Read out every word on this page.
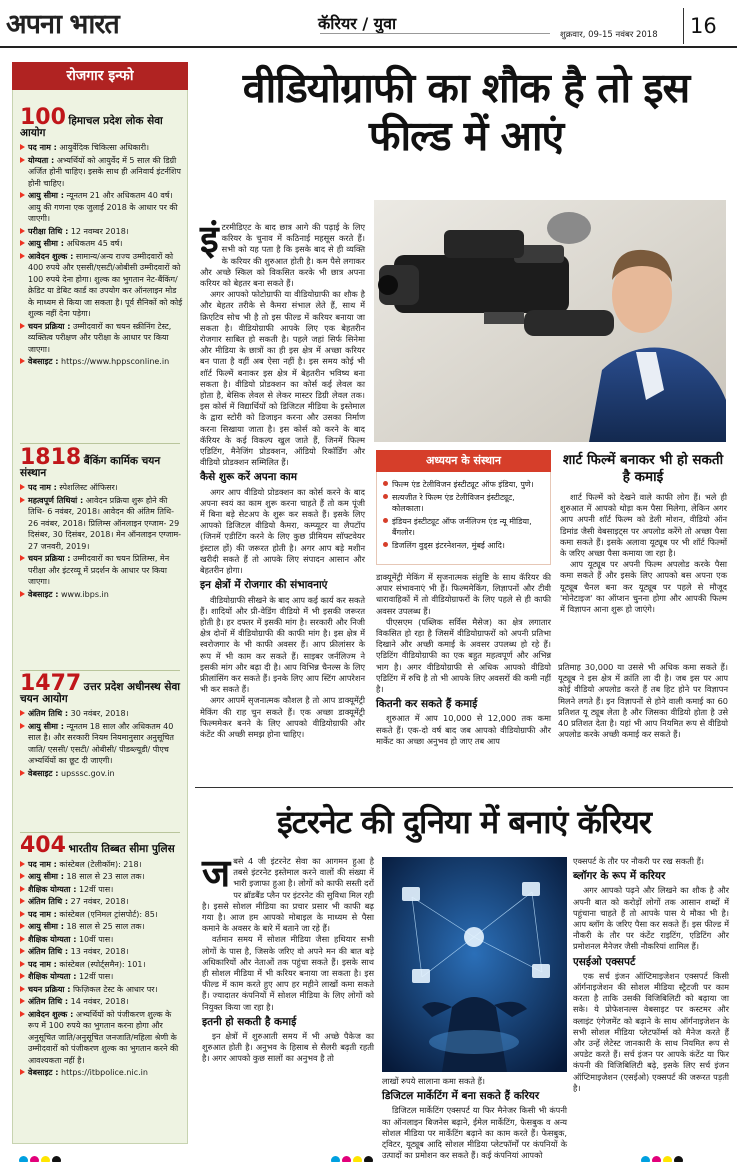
अपना भारत	कॅरियर / युवा
शुक्रवार, 09-15 नवंबर 2018 16
रोजगार इन्फो
100 हिमाचल प्रदेश लोक सेवा आयोग
पद नाम : आयुर्वेदिक चिकित्सा अधिकारी।
योग्यता : अभ्यर्थियों को आयुर्वेद में 5 साल की डिग्री अर्जित होनी चाहिए। इसके साथ ही अनिवार्य इंटर्नशिप होनी चाहिए।
आयु सीमा : न्यूनतम 21 और अधिकतम 40 वर्ष। आयु की गणना एक जुलाई 2018 के आधार पर की जाएगी।
परीक्षा तिथि : 12 नवम्बर 2018।
आयु सीमा : अधिकतम 45 वर्ष।
आवेदन शुल्क : सामान्य/अन्य राज्य उम्मीदवारों को 400 रुपये और एससी/एसटी/ओबीसी उम्मीदवारों को 100 रुपये देना होगा। शुल्क का भुगतान नेट-बैंकिंग/क्रेडिट या डेबिट कार्ड का उपयोग कर ऑनलाइन मोड के माध्यम से किया जा सकता है। पूर्व सैनिकों को कोई शुल्क नहीं देना पड़ेगा।
चयन प्रक्रिया : उम्मीदवारों का चयन स्क्रीनिंग टेस्ट, व्यक्तित्व परीक्षण और परीक्षा के आधार पर किया जाएगा।
वेबसाइट : https://www.hppsconline.in
1818 बैंकिंग कार्मिक चयन संस्थान
पद नाम : स्पेशलिस्ट ऑफिसर।
महत्वपूर्ण तिथियां : आवेदन प्रक्रिया शुरू होने की तिथि- 6 नवंबर, 2018। आवेदन की अंतिम तिथि- 26 नवंबर, 2018। प्रिलिम्स ऑनलाइन एग्जाम- 29 दिसंबर, 30 दिसंबर, 2018। मेन ऑनलाइन एग्जाम- 27 जनवरी, 2019।
चयन प्रक्रिया : उम्मीदवारों का चयन प्रिलिम्स, मेन परीक्षा और इंटरव्यू में प्रदर्शन के आधार पर किया जाएगा।
वेबसाइट : www.ibps.in
1477 उत्तर प्रदेश अधीनस्थ सेवा चयन आयोग
अंतिम तिथि : 30 नवंबर, 2018।
आयु सीमा : न्यूनतम 18 साल और अधिकतम 40 साल है। और सरकारी नियम नियमानुसार अनुसूचित जाति/ एससी/ एसटी/ ओबीसी/ पीडब्ल्यूडी/ पीएच अभ्यर्थियों का छूट दी जाएगी।
वेबसाइट : upsssc.gov.in
404 भारतीय तिब्बत सीमा पुलिस
पद नाम : कांस्टेबल (टेलीकॉम): 218।
आयु सीमा : 18 साल से 23 साल तक।
शैक्षिक योग्यता : 12वीं पास।
अंतिम तिथि : 27 नवंबर, 2018।
पद नाम : कांस्टेबल (एनिमल ट्रांसपोर्ट): 85।
आयु सीमा : 18 साल से 25 साल तक।
शैक्षिक योग्यता : 10वीं पास।
अंतिम तिथि : 13 नवंबर, 2018।
पद नाम : कांस्टेबल (स्पोर्ट्समैन): 101।
शैक्षिक योग्यता : 12वीं पास।
चयन प्रक्रिया : फिज़िकल टेस्ट के आधार पर।
अंतिम तिथि : 14 नवंबर, 2018।
आवेदन शुल्क : अभ्यर्थियों को पंजीकरण शुल्क के रूप में 100 रुपये का भुगतान करना होगा और अनुसूचित जाति/अनुसूचित जनजाति/महिला श्रेणी के उम्मीदवारों को पंजीकरण शुल्क का भुगतान करने की आवश्यकता नहीं है।
वेबसाइट : https://itbpolice.nic.in
वीडियोग्राफी का शौक है तो इस फील्ड में आएं
इं टरमीडिएट के बाद छात्र आगे की पढ़ाई के लिए करियर के चुनाव में कठिनाई महसूस करते हैं। सभी को यह पता है कि इसके बाद से ही व्यक्ति के करियर की शुरुआत होती है। कम पैसे लगाकर और अच्छे स्किल को विकसित करके भी छात्र अपना करियर को बेहतर बना सकते हैं।

अगर आपको फोटोग्राफी या वीडियोग्राफी का शौक है और बेहतर तरीके से कैमरा संभाल लेते हैं, साथ में क्रिएटिव सोच भी है तो इस फील्ड में करियर बनाया जा सकता है। वीडियोग्राफी आपके लिए एक बेहतरीन रोजगार साबित हो सकती है। पहले जहां सिर्फ सिनेमा और मीडिया के छात्रों का ही इस क्षेत्र में अच्छा करियर बन पाता है वहीं अब ऐसा नहीं है। इस समय कोई भी शॉर्ट फिल्में बनाकर इस क्षेत्र में बेहतरीन भविष्य बना सकता है। वीडियो प्रोडक्शन का कोर्स कई लेवल का होता है, बेसिक लेवल से लेकर मास्टर डिग्री लेवल तक। इस कोर्स में विद्यार्थियों को डिजिटल मीडिया के इस्तेमाल के द्वारा स्टोरी को डिजाइन करना और उसका निर्माण करना सिखाया जाता है। इस कोर्स को करने के बाद कॅरियर के कई विकल्प खुल जाते हैं, जिनमें फिल्म एडिटिंग, मैनेजिंग प्रोडक्शन, ऑडियो रिकॉर्डिंग और वीडियो प्रोडक्शन सम्मिलित हैं।

कैसे शुरू करें अपना काम

अगर आप वीडियो प्रोडक्शन का कोर्स करने के बाद अपना स्वयं का काम शुरू करना चाहते हैं तो कम पूंजी में बिना बड़े सेटअप के शुरू कर सकते हैं। इसके लिए आपको डिजिटल वीडियो कैमरा, कम्प्यूटर या लैपटॉप (जिनमें एडीटिंग करने के लिए कुछ प्रीमियम सॉफ्टवेयर इंस्टाल हों) की जरूरत होती है। अगर आप बड़े मशीन खरीदी सकते हैं तो आपके लिए संपादन आसान और बेहतरीन होगा।

इन क्षेत्रों में रोजगार की संभावनाएं

वीडियोग्राफी सीखने के बाद आप कई कार्य कर सकते हैं। शादियों और प्री-वेडिंग वीडियो में भी इसकी जरूरत होती है। हर दफ्तर में इसकी मांग है। सरकारी और निजी क्षेत्र दोनों में वीडियोग्राफी की काफी मांग है। इस क्षेत्र में स्वरोजगार के भी काफी अवसर हैं। आप फ्रीलांसर के रूप में भी काम कर सकते हैं। साइबर जर्नलिज्म ने इसकी मांग और बढ़ा दी है। आप विभिन्न चैनल्स के लिए फ्रीलांसिंग कर सकते हैं। इनके लिए आप स्टिंग आपरेशन भी कर सकते हैं।

अगर आपमें सृजनात्मक कौशल है तो आप डाक्यूमेंट्री मेकिंग की राह चुन सकते हैं। एक अच्छा डाक्यूमेंट्री फिल्ममेकर बनने के लिए आपको वीडियोग्राफी और कंटेंट की अच्छी समझ होना चाहिए।

फिल्म एंड टेलीविजन इंस्टीट्यूट ऑफ इंडिया, पुणे।
सत्यजीत रे फिल्म एंड टेलीविजन इंस्टीट्यूट, कोलकाता।
इंडियन इंस्टीट्यूट ऑफ जर्नलिज्म एंड न्यू मीडिया, बैंगलोर।
डिजलिंग वुड्स इंटरनेशनल, मुंबई आदि।
अध्ययन के संस्थान

डाक्यूमेंट्री मेकिंग में सृजनात्मक संतुष्टि के साथ कॅरियर की अपार संभावनाएं भी हैं। फिल्ममेकिंग, लिज्ञापनों और टीवी धारावाहिकों में तो वीडियोग्राफरों के लिए पहले से ही काफी अवसर उपलब्ध हैं।

पीएसएम (पब्लिक सर्विस मैसेज) का क्षेत्र लगातार विकसित हो रहा है जिसमें वीडियोग्राफरों को अपनी प्रतिभा दिखाने और अच्छी कमाई के अवसर उपलब्ध हो रहे हैं। एडिटिंग वीडियोग्राफी का एक बहुत महत्वपूर्ण और अभिन्न भाग है। अगर वीडियोग्राफी से अधिक आपको वीडियो एडिटिंग में रुचि है तो भी आपके लिए अवसरों की कमी नहीं है।

कितनी कर सकते हैं कमाई

शुरुआत में आप 10,000 से 12,000 तक कमा सकते हैं। एक-दो वर्ष बाद जब आपको वीडियोग्राफी और मार्केट का अच्छा अनुभव हो जाए तब आप

शार्ट फिल्में बनाकर भी हो सकती है कमाई

शार्ट फिल्में को देखने वाले काफी लोग हैं। भले ही शुरुआत में आपको थोड़ा कम पैसा मिलेगा, लेकिन अगर आप अपनी शॉर्ट फिल्म को डेली मोशन, वीडियो ऑन डिमांड जैसी वेबसाइट्स पर अपलोड करेंगे तो अच्छा पैसा कमा सकते हैं। इसके अलावा यूट्यूब पर भी शॉर्ट फिल्मों के जरिए अच्छा पैसा कमाया जा रहा है।

आप यूट्यूब पर अपनी फिल्म अपलोड करके पैसा कमा सकते हैं और इसके लिए आपको बस अपना एक यूट्यूब चैनल बना कर यूट्यूब पर पहले से मौजूद 'मोनेटाइज' का ऑप्शन चुनना होगा और आपकी फिल्म में विज्ञापन आना शुरू हो जाएंगे।

प्रतिमाह 30,000 या उससे भी अधिक कमा सकते हैं। यूट्यूब ने इस क्षेत्र में क्रांति ला दी है। जब इस पर आप कोई वीडियो अपलोड करते हैं तब हिट होने पर विज्ञापन मिलने लगते हैं। इन विज्ञापनों से होने वाली कमाई का 60 प्रतिशत यू ट्यूब लेता है और जिसका वीडियो होता है उसे 40 प्रतिशत देता है। यहां भी आप नियमित रूप से वीडियो अपलोड करके अच्छी कमाई कर सकते हैं।

इंटरनेट की दुनिया में बनाएं कॅरियर
ज बसे 4 जी इंटरनेट सेवा का आगमन हुआ है तबसे इंटरनेट इस्तेमाल करने वालों की संख्या में भारी इजाफा हुआ है। लोगों को काफी सस्ती दरों पर ब्रॉडबैंड प्लैन पर इंटरनेट की सुविधा मिल रही है। इससे सोशल मीडिया का प्रचार प्रसार भी काफी बढ़ गया है। आज हम आपको मोबाइल के माध्यम से पैसा कमाने के अवसर के बारे में बताने जा रहे हैं।

वर्तमान समय में सोशल मीडिया जैसा हथियार सभी लोगों के पास है, जिसके जरिए वो अपने मन की बात बड़े अधिकारियों और नेताओं तक पहुंचा सकते हैं। इसके साथ ही सोशल मीडिया में भी करियर बनाया जा सकता है। इस फील्ड में काम करते हुए आप हर महीने लाखों कमा सकते हैं। ज्यादातर कंपनियों में सोशल मीडिया के लिए लोगों को नियुक्त किया जा रहा है।

इतनी हो सकती है कमाई

इन क्षेत्रों में शुरुआती समय में भी अच्छे पैकेज का शुरुआत होती है। अनुभव के हिसाब से सैलरी बढ़ती रहती है। अगर आपको कुछ सालों का अनुभव है तो

लाखों रुपये सालाना कमा सकते हैं।

डिजिटल मार्केटिंग में बना सकते हैं करियर

डिजिटल मार्केटिंग एक्सपर्ट या फिर मैनेजर किसी भी कंपनी का ऑनलाइन बिजनेस बढ़ाने, ईमेल मार्केटिंग, फेसबुक व अन्य सोशल मीडिया पर मार्केटिंग बढ़ाने का काम करते हैं। फेसबुक, ट्विटर, यूट्यूब आदि सोशल मीडिया प्लेटफॉर्मों पर कंपनियों के उत्पादों का प्रमोशन कर सकते हैं। कई कंपनियां आपको

एक्सपर्ट के तौर पर नौकरी पर रख सकती हैं।

ब्लॉगर के रूप में करियर

अगर आपको पढ़ने और लिखने का शौक है और अपनी बात को करोड़ों लोगों तक आसान शब्दों में पहुंचाना चाहते हैं तो आपके पास ये मौका भी है। आप ब्लॉग के जरिए पैसा कर सकते हैं। इस फील्ड में नौकरी के तौर पर कंटेंट राइटिंग, एडिटिंग और प्रमोशनल मैनेजर जैसी नौकरियां शामिल हैं।

एसईओ एक्सपर्ट

एक सर्च इंजन ऑप्टिमाइजेशन एक्सपर्ट किसी ऑर्गनाइजेशन की सोशल मीडिया स्ट्रैटजी पर काम करता है ताकि उसकी विजिबिलिटी को बढ़ाया जा सके। ये प्रोफेशनल्स वेबसाइट पर कस्टमर और क्लाइंट एंगेजमेंट को बढ़ाने के साथ ऑर्गनाइजेशन के सभी सोशल मीडिया प्लेटफॉर्म्स को मैनेज करते हैं और उन्हें लेटेस्ट जानकारी के साथ नियमित रूप से अपडेट करते हैं। सर्च इंजन पर आपके कंटेंट या फिर कंपनी की विजिबिलिटी बढ़े, इसके लिए सर्च इंजन ऑप्टिमाइजेशन (एसईओ) एक्सपर्ट की जरूरत पड़ती है।
